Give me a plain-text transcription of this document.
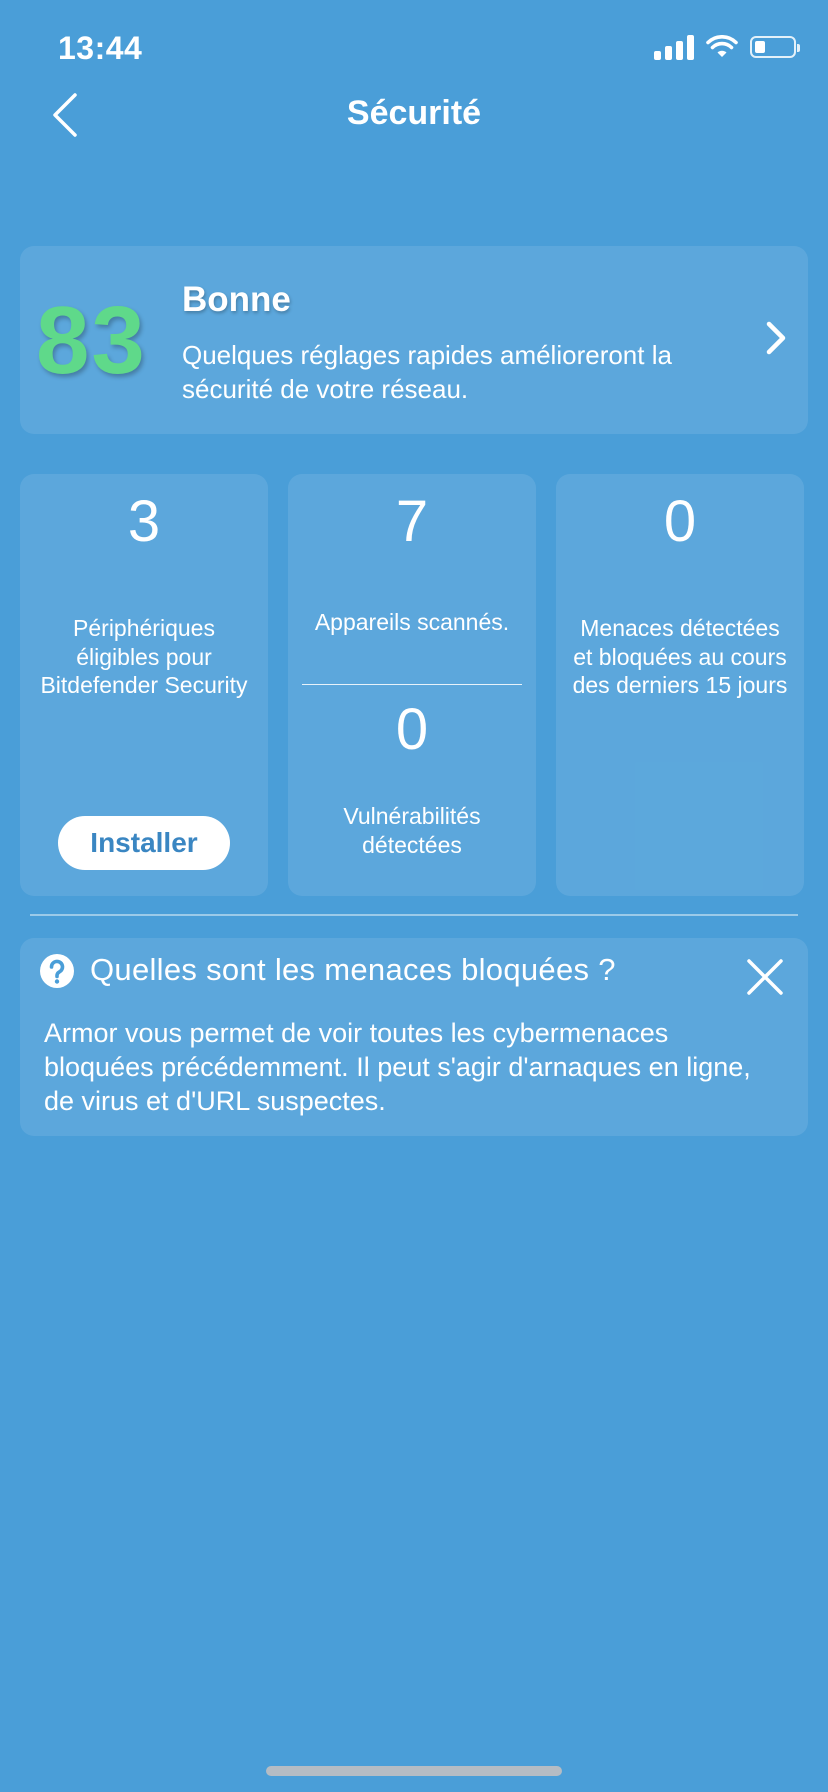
13:44
Sécurité
83	Bonne
Quelques réglages rapides amélioreront la sécurité de votre réseau.
3
Périphériques éligibles pour Bitdefender Security
Installer
7
Appareils scannés.
0
Vulnérabilités détectées
0
Menaces détectées et bloquées au cours des derniers 15 jours
Quelles sont les menaces bloquées ?
Armor vous permet de voir toutes les cybermenaces bloquées précédemment. Il peut s'agir d'arnaques en ligne, de virus et d'URL suspectes.
